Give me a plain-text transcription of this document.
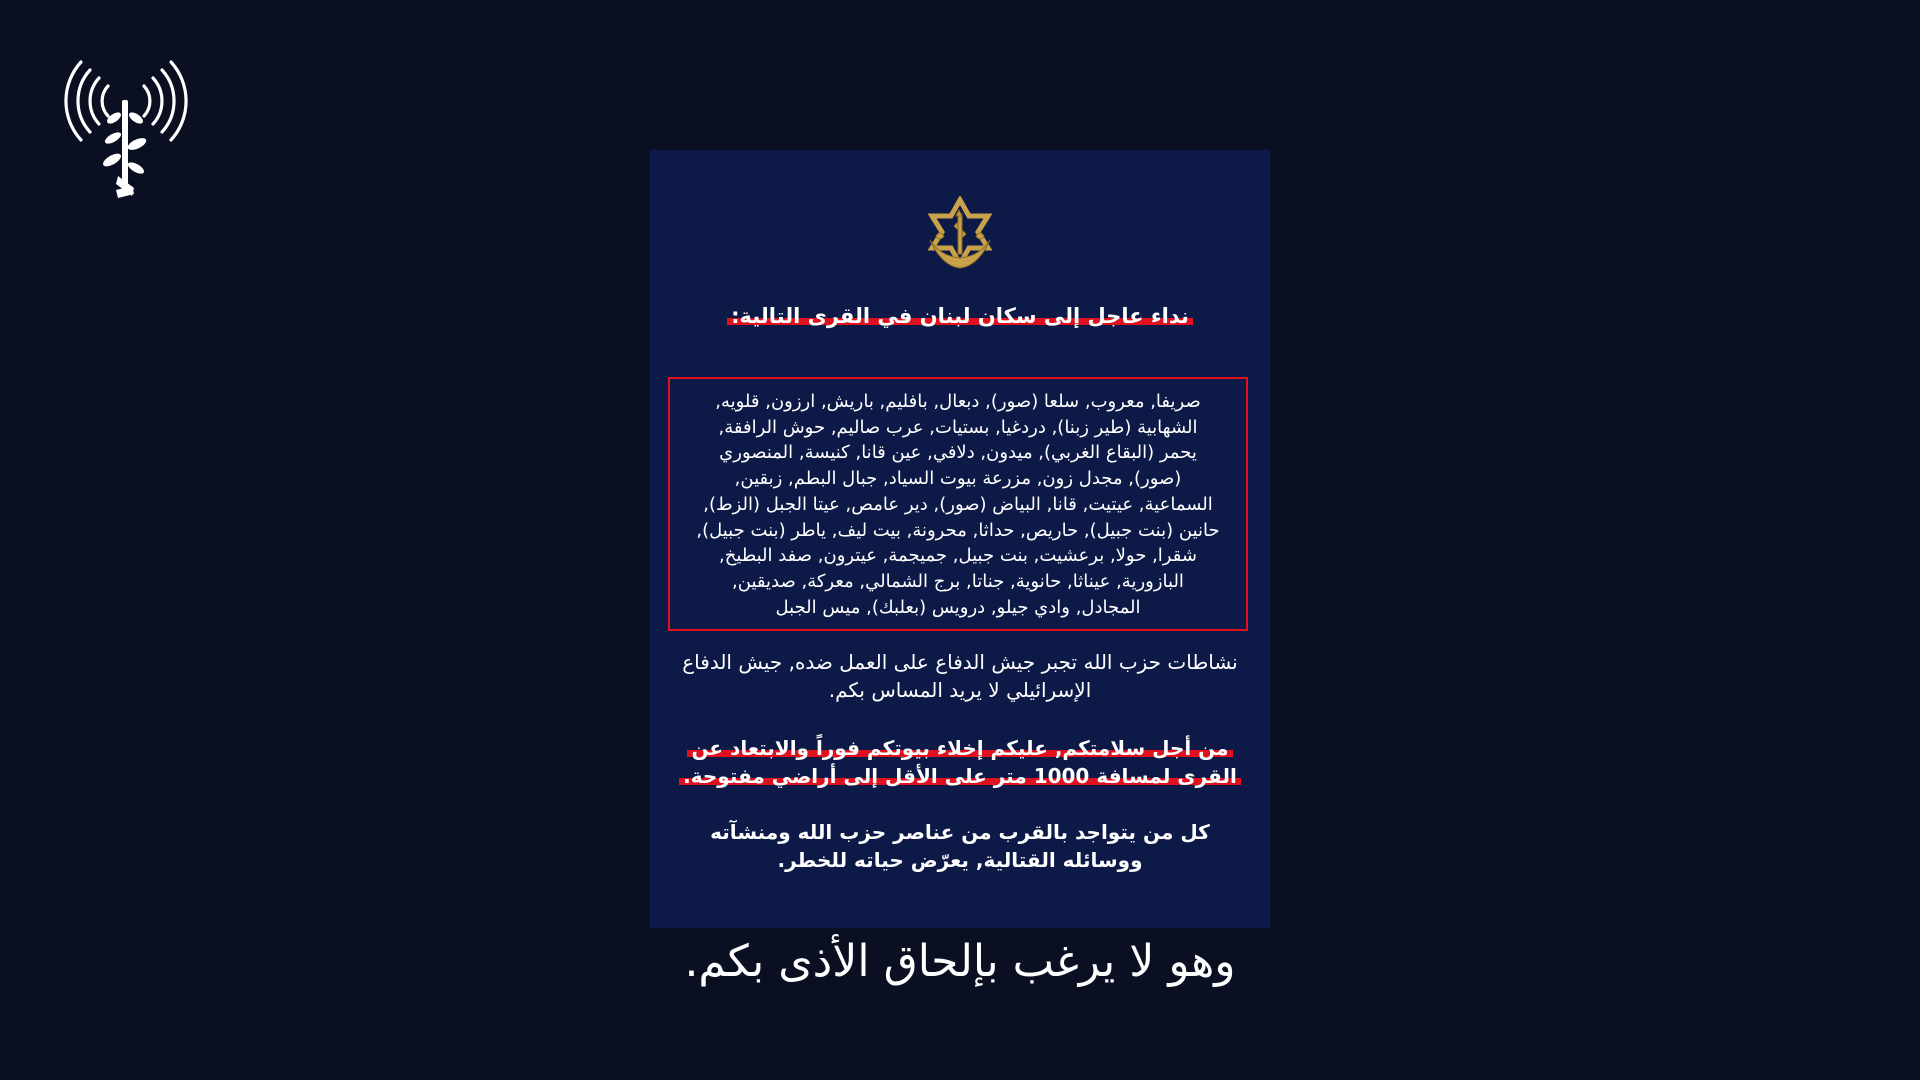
نداء عاجل إلى سكان لبنان في القرى التالية:
صريفا, معروب, سلعا (صور), دبعال, بافليم, باريش, ارزون, قلويه,
الشهابية (طير زبنا), دردغيا, بستيات, عرب صاليم, حوش الرافقة,
يحمر (البقاع الغربي), ميدون, دلافي, عين قانا, كنيسة, المنصوري
(صور), مجدل زون, مزرعة بيوت السياد, جبال البطم, زبقين,
السماعية, عيتيت, قانا, البياض (صور), دير عامص, عيتا الجبل (الزط),
حانين (بنت جبيل), حاريص, حداثا, محرونة, بيت ليف, ياطر (بنت جبيل),
شقرا, حولا, برعشيت, بنت جبيل, جميجمة, عيترون, صفد البطيخ,
البازورية, عيناثا, حانوية, جناتا, برج الشمالي, معركة, صديقين,
المجادل, وادي جيلو, درويس (بعلبك), ميس الجبل
نشاطات حزب الله تجبر جيش الدفاع على العمل ضده, جيش الدفاع الإسرائيلي لا يريد المساس بكم.
من أجل سلامتكم, عليكم إخلاء بيوتكم فوراً والابتعاد عن
القرى لمسافة 1000 متر على الأقل إلى أراضي مفتوحة.
كل من يتواجد بالقرب من عناصر حزب الله ومنشآته ووسائله القتالية, يعرّض حياته للخطر.
وهو لا يرغب بإلحاق الأذى بكم.
